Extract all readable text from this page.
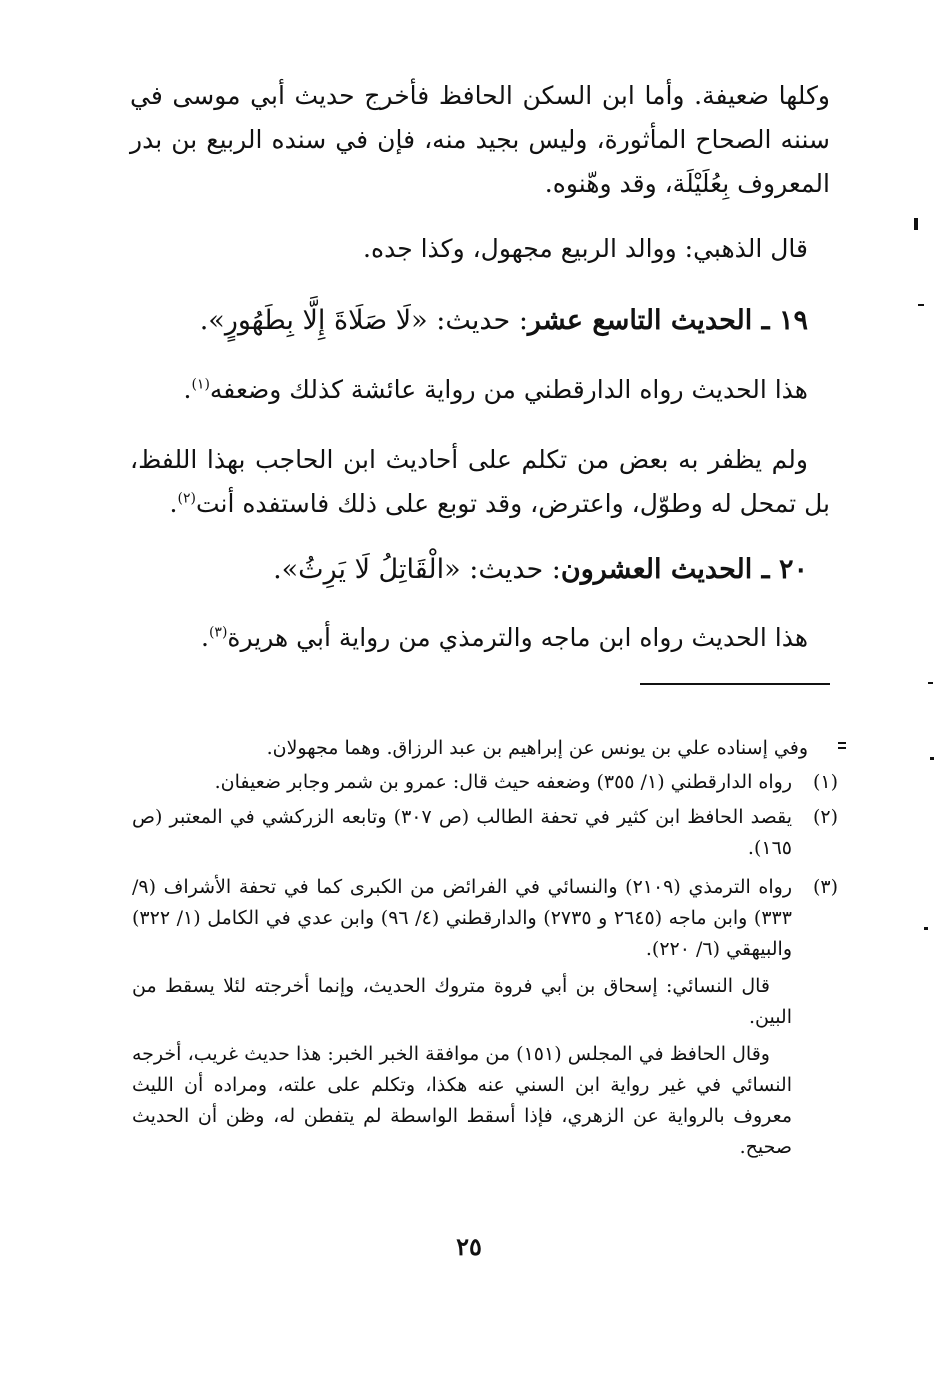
وكلها ضعيفة. وأما ابن السكن الحافظ فأخرج حديث أبي موسى في سننه الصحاح المأثورة، وليس بجيد منه، فإن في سنده الربيع بن بدر المعروف بِعُلَيْلَة، وقد وهّنوه.

قال الذهبي: ووالد الربيع مجهول، وكذا جده.

١٩ ـ الحديث التاسع عشر: حديث: «لَا صَلَاةَ إِلَّا بِطَهُورٍ».

هذا الحديث رواه الدارقطني من رواية عائشة كذلك وضعفه$^{(١)}$.

ولم يظفر به بعض من تكلم على أحاديث ابن الحاجب بهذا اللفظ، بل تمحل له وطوّل، واعترض، وقد توبع على ذلك فاستفده أنت$^{(٢)}$.

٢٠ ـ الحديث العشرون: حديث: «الْقَاتِلُ لَا يَرِثُ».

هذا الحديث رواه ابن ماجه والترمذي من رواية أبي هريرة$^{(٣)}$.

وفي إسناده علي بن يونس عن إبراهيم بن عبد الرزاق. وهما مجهولان.

(١)
رواه الدارقطني (١/ ٣٥٥) وضعفه حيث قال: عمرو بن شمر وجابر ضعيفان.
(٢)
يقصد الحافظ ابن كثير في تحفة الطالب (ص ٣٠٧) وتابعه الزركشي في المعتبر (ص ١٦٥).
(٣)
رواه الترمذي (٢١٠٩) والنسائي في الفرائض من الكبرى كما في تحفة الأشراف (٩/ ٣٣٣) وابن ماجه (٢٦٤٥ و ٢٧٣٥) والدارقطني (٤/ ٩٦) وابن عدي في الكامل (١/ ٣٢٢) والبيهقي (٦/ ٢٢٠).
قال النسائي: إسحاق بن أبي فروة متروك الحديث، وإنما أخرجته لئلا يسقط من البين.
وقال الحافظ في المجلس (١٥١) من موافقة الخبر الخبر: هذا حديث غريب، أخرجه النسائي في غير رواية ابن السني عنه هكذا، وتكلم على علته، ومراده أن الليث معروف بالرواية عن الزهري، فإذا أسقط الواسطة لم يتفطن له، وظن أن الحديث صحيح.
٢٥
